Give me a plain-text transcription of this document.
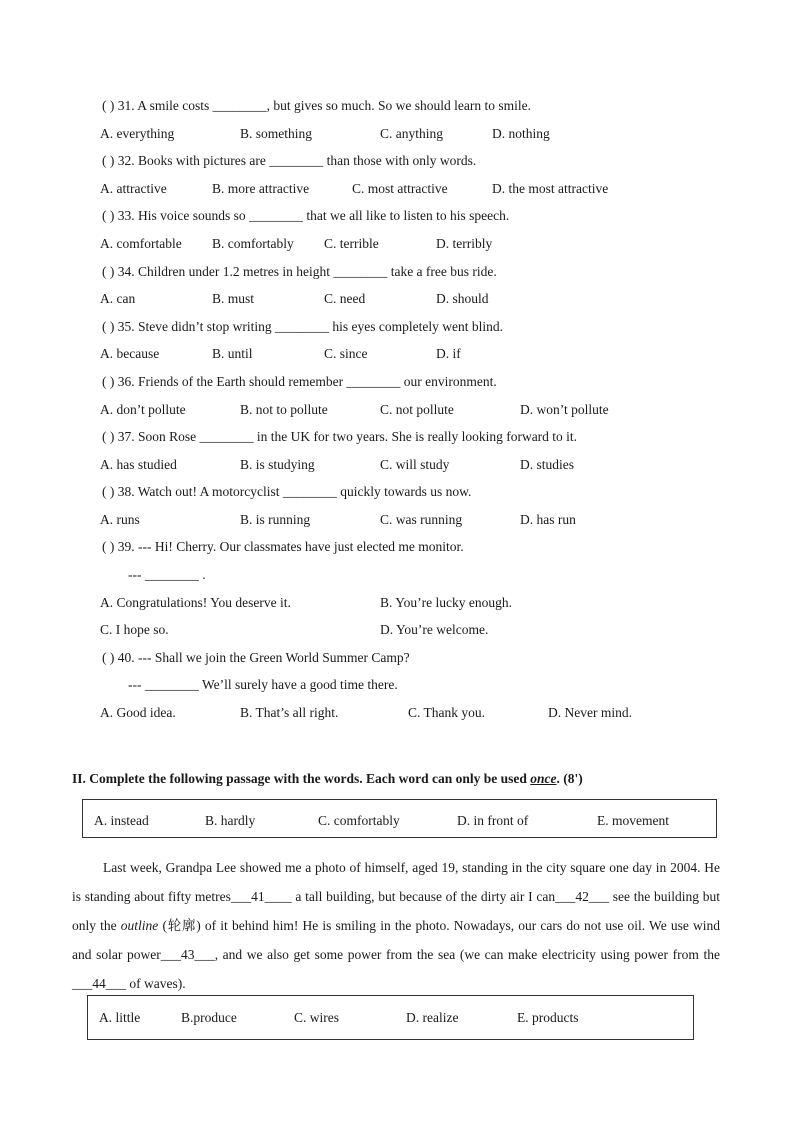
( ) 31. A smile costs ________, but gives so much. So we should learn to smile.
A. everything	B. something	C. anything	D. nothing
( ) 32. Books with pictures are ________ than those with only words.
A. attractive	B. more attractive	C. most attractive	D. the most attractive
( ) 33. His voice sounds so ________ that we all like to listen to his speech.
A. comfortable B. comfortably C. terrible	D. terribly
( ) 34. Children under 1.2 metres in height ________ take a free bus ride.
A. can	B. must	C. need	D. should
( ) 35. Steve didn’t stop writing ________ his eyes completely went blind.
A. because	B. until	C. since	D. if
( ) 36. Friends of the Earth should remember ________ our environment.
A. don’t pollute	B. not to pollute	C. not pollute	D. won’t pollute
( ) 37. Soon Rose ________ in the UK for two years. She is really looking forward to it.
A. has studied	B. is studying	C. will study	D. studies
( ) 38. Watch out! A motorcyclist ________ quickly towards us now.
A. runs	B. is running	C. was running	D. has run
( ) 39. --- Hi! Cherry. Our classmates have just elected me monitor.
--- ________ .
A. Congratulations! You deserve it.	B. You’re lucky enough.
C. I hope so.	D. You’re welcome.
( ) 40. --- Shall we join the Green World Summer Camp?
--- ________ We’ll surely have a good time there.
A. Good idea.	B. That’s all right.	C. Thank you.	D. Never mind.
II. Complete the following passage with the words. Each word can only be used once. (8')
A. instead	B. hardly	C. comfortably	D. in front of	E. movement

Last week, Grandpa Lee showed me a photo of himself, aged 19, standing in the city square one day in 2004. He is standing about fifty metres___41____ a tall building, but because of the dirty air I can___42___ see the building but only the outline (轮廓) of it behind him! He is smiling in the photo. Nowadays, our cars do not use oil. We use wind and solar power___43___, and we also get some power from the sea (we can make electricity using power from the ___44___ of waves).

A. little	B.produce	C. wires	D. realize	E. products
